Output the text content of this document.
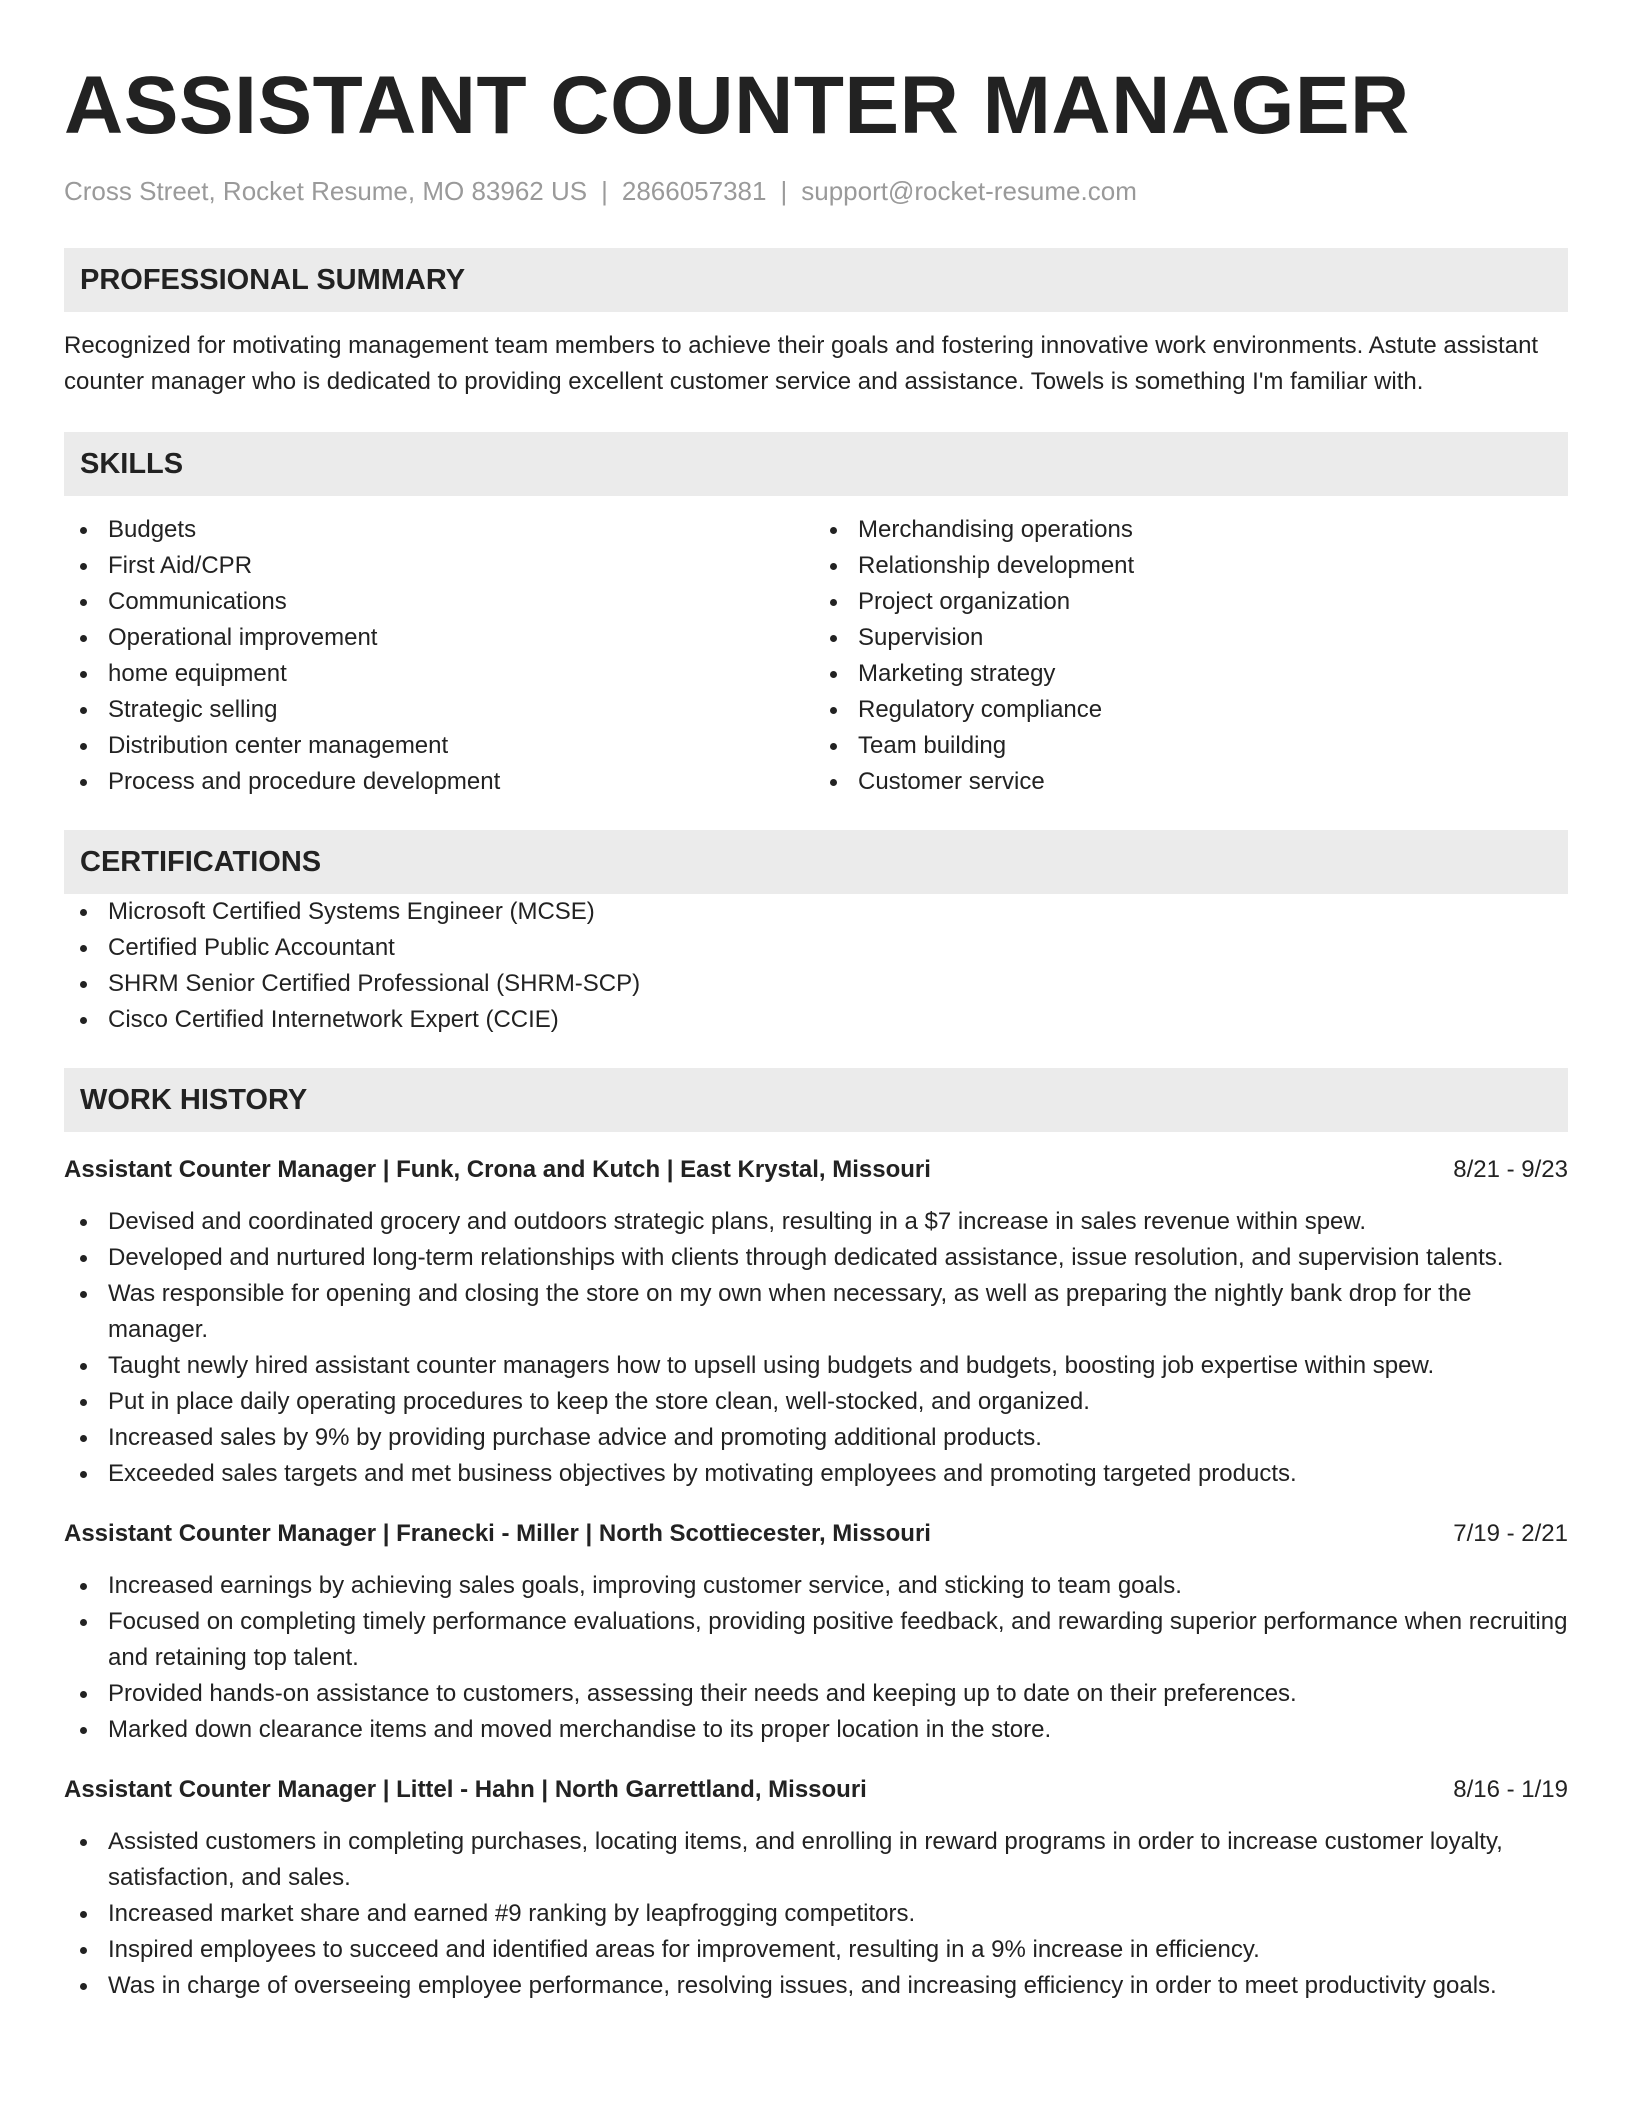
ASSISTANT COUNTER MANAGER
Cross Street, Rocket Resume, MO 83962 US | 2866057381 | support@rocket-resume.com
PROFESSIONAL SUMMARY
Recognized for motivating management team members to achieve their goals and fostering innovative work environments. Astute assistant counter manager who is dedicated to providing excellent customer service and assistance. Towels is something I'm familiar with.
SKILLS
Budgets
First Aid/CPR
Communications
Operational improvement
home equipment
Strategic selling
Distribution center management
Process and procedure development
Merchandising operations
Relationship development
Project organization
Supervision
Marketing strategy
Regulatory compliance
Team building
Customer service
CERTIFICATIONS
Microsoft Certified Systems Engineer (MCSE)
Certified Public Accountant
SHRM Senior Certified Professional (SHRM-SCP)
Cisco Certified Internetwork Expert (CCIE)
WORK HISTORY
Assistant Counter Manager | Funk, Crona and Kutch | East Krystal, Missouri	8/21 - 9/23
Devised and coordinated grocery and outdoors strategic plans, resulting in a $7 increase in sales revenue within spew.
Developed and nurtured long-term relationships with clients through dedicated assistance, issue resolution, and supervision talents.
Was responsible for opening and closing the store on my own when necessary, as well as preparing the nightly bank drop for the manager.
Taught newly hired assistant counter managers how to upsell using budgets and budgets, boosting job expertise within spew.
Put in place daily operating procedures to keep the store clean, well-stocked, and organized.
Increased sales by 9% by providing purchase advice and promoting additional products.
Exceeded sales targets and met business objectives by motivating employees and promoting targeted products.
Assistant Counter Manager | Franecki - Miller | North Scottiecester, Missouri	7/19 - 2/21
Increased earnings by achieving sales goals, improving customer service, and sticking to team goals.
Focused on completing timely performance evaluations, providing positive feedback, and rewarding superior performance when recruiting and retaining top talent.
Provided hands-on assistance to customers, assessing their needs and keeping up to date on their preferences.
Marked down clearance items and moved merchandise to its proper location in the store.
Assistant Counter Manager | Littel - Hahn | North Garrettland, Missouri	8/16 - 1/19
Assisted customers in completing purchases, locating items, and enrolling in reward programs in order to increase customer loyalty, satisfaction, and sales.
Increased market share and earned #9 ranking by leapfrogging competitors.
Inspired employees to succeed and identified areas for improvement, resulting in a 9% increase in efficiency.
Was in charge of overseeing employee performance, resolving issues, and increasing efficiency in order to meet productivity goals.
